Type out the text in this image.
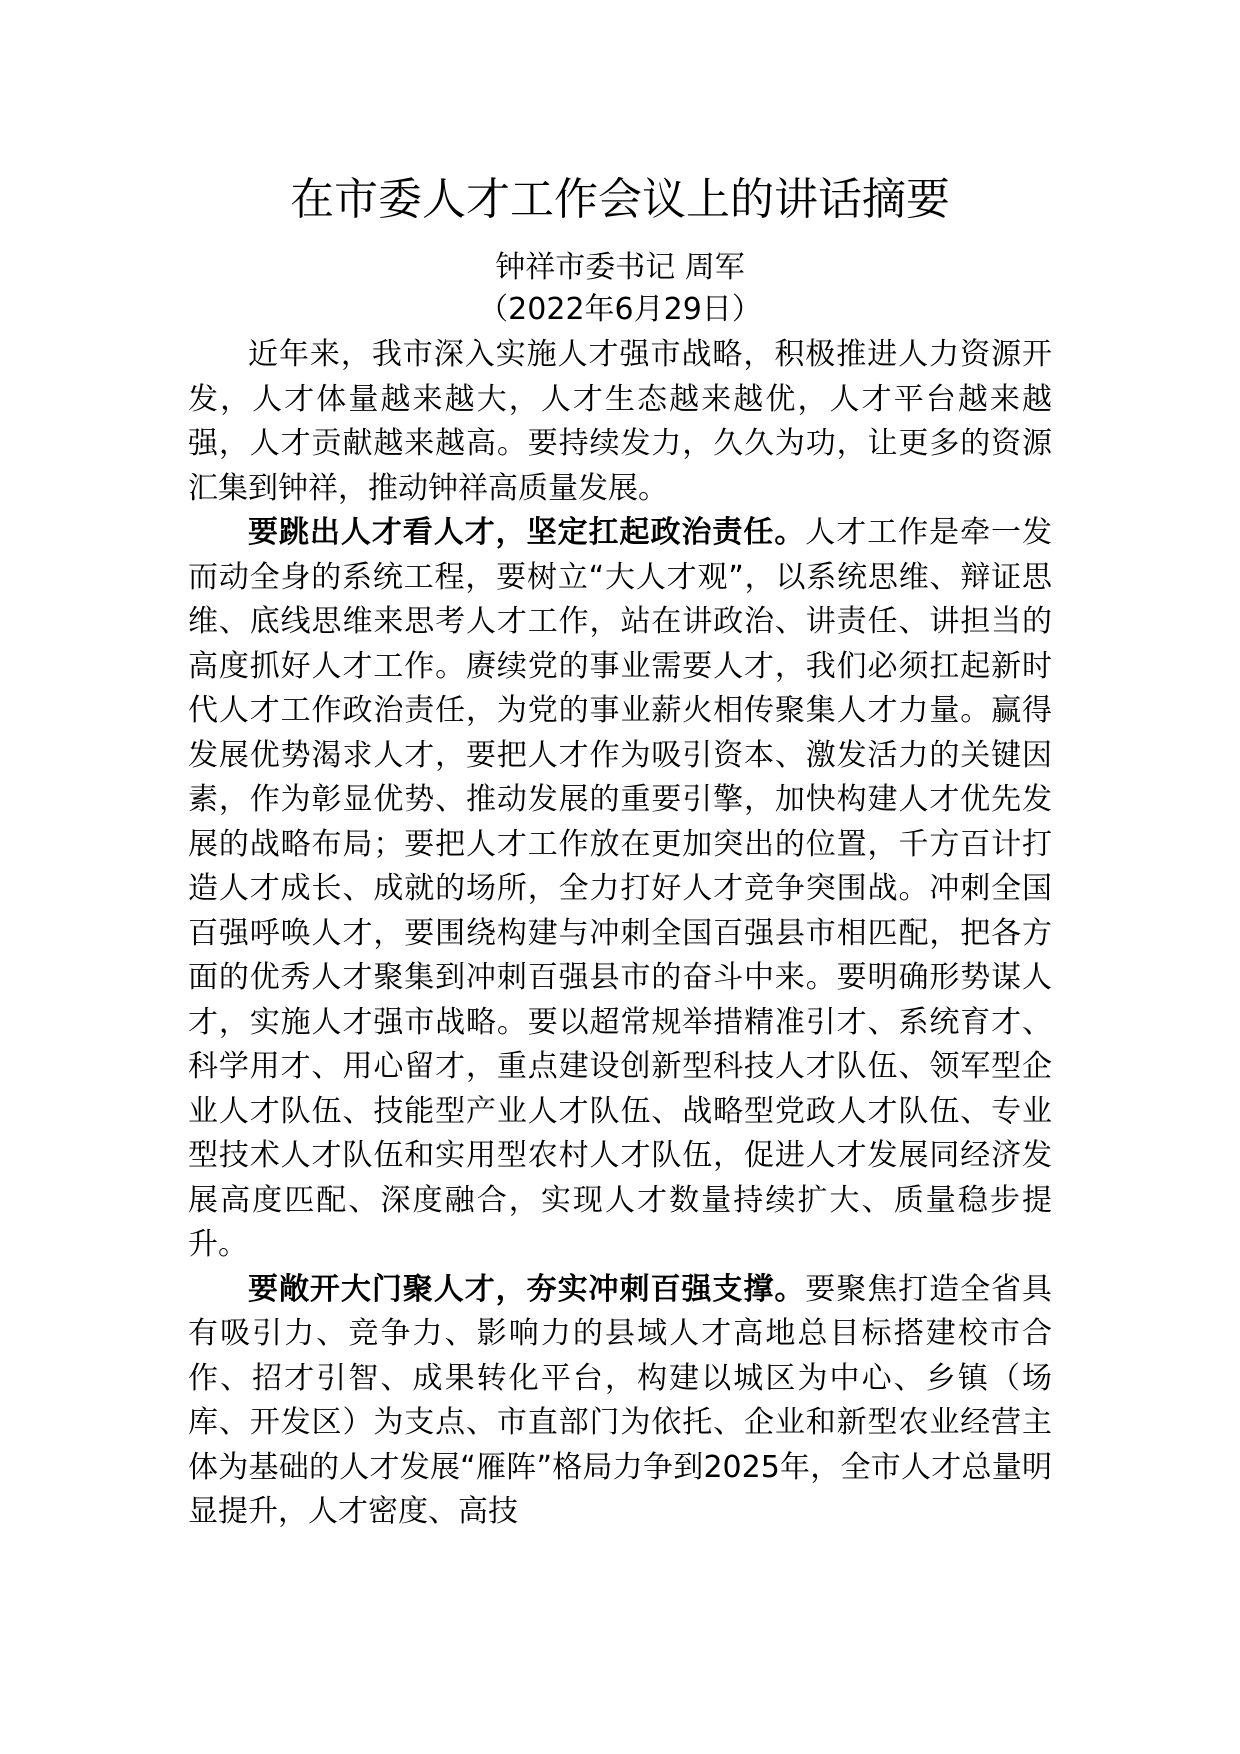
在市委人才工作会议上的讲话摘要

钟祥市委书记 周军

（2022年6月29日）

近年来，我市深入实施人才强市战略，积极推进人力资源开发，人才体量越来越大，人才生态越来越优，人才平台越来越强，人才贡献越来越高。要持续发力，久久为功，让更多的资源汇集到钟祥，推动钟祥高质量发展。

要跳出人才看人才，坚定扛起政治责任。人才工作是牵一发而动全身的系统工程，要树立“大人才观”，以系统思维、辩证思维、底线思维来思考人才工作，站在讲政治、讲责任、讲担当的高度抓好人才工作。赓续党的事业需要人才，我们必须扛起新时代人才工作政治责任，为党的事业薪火相传聚集人才力量。赢得发展优势渴求人才，要把人才作为吸引资本、激发活力的关键因素，作为彰显优势、推动发展的重要引擎，加快构建人才优先发展的战略布局；要把人才工作放在更加突出的位置，千方百计打造人才成长、成就的场所，全力打好人才竞争突围战。冲刺全国百强呼唤人才，要围绕构建与冲刺全国百强县市相匹配，把各方面的优秀人才聚集到冲刺百强县市的奋斗中来。要明确形势谋人才，实施人才强市战略。要以超常规举措精准引才、系统育才、科学用才、用心留才，重点建设创新型科技人才队伍、领军型企业人才队伍、技能型产业人才队伍、战略型党政人才队伍、专业型技术人才队伍和实用型农村人才队伍，促进人才发展同经济发展高度匹配、深度融合，实现人才数量持续扩大、质量稳步提升。

要敞开大门聚人才，夯实冲刺百强支撑。要聚焦打造全省具有吸引力、竞争力、影响力的县域人才高地总目标搭建校市合作、招才引智、成果转化平台，构建以城区为中心、乡镇（场库、开发区）为支点、市直部门为依托、企业和新型农业经营主体为基础的人才发展“雁阵”格局力争到2025年，全市人才总量明显提升，人才密度、高技
